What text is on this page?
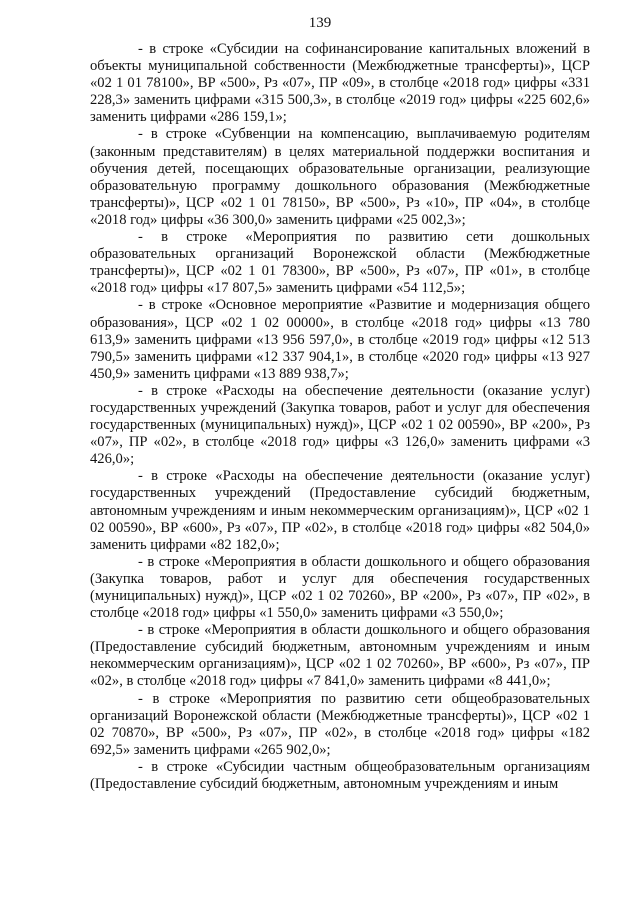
139

- в строке «Субсидии на софинансирование капитальных вложений в объекты муниципальной собственности (Межбюджетные трансферты)», ЦСР «02 1 01 78100», ВР «500», Рз «07», ПР «09», в столбце «2018 год» цифры «331 228,3» заменить цифрами «315 500,3», в столбце «2019 год» цифры «225 602,6» заменить цифрами «286 159,1»;

- в строке «Субвенции на компенсацию, выплачиваемую родителям (законным представителям) в целях материальной поддержки воспитания и обучения детей, посещающих образовательные организации, реализующие образовательную программу дошкольного образования (Межбюджетные трансферты)», ЦСР «02 1 01 78150», ВР «500», Рз «10», ПР «04», в столбце «2018 год» цифры «36 300,0» заменить цифрами «25 002,3»;

- в строке «Мероприятия по развитию сети дошкольных образовательных организаций Воронежской области (Межбюджетные трансферты)», ЦСР «02 1 01 78300», ВР «500», Рз «07», ПР «01», в столбце «2018 год» цифры «17 807,5» заменить цифрами «54 112,5»;

- в строке «Основное мероприятие «Развитие и модернизация общего образования», ЦСР «02 1 02 00000», в столбце «2018 год» цифры «13 780 613,9» заменить цифрами «13 956 597,0», в столбце «2019 год» цифры «12 513 790,5» заменить цифрами «12 337 904,1», в столбце «2020 год» цифры «13 927 450,9» заменить цифрами «13 889 938,7»;

- в строке «Расходы на обеспечение деятельности (оказание услуг) государственных учреждений (Закупка товаров, работ и услуг для обеспечения государственных (муниципальных) нужд)», ЦСР «02 1 02 00590», ВР «200», Рз «07», ПР «02», в столбце «2018 год» цифры «3 126,0» заменить цифрами «3 426,0»;

- в строке «Расходы на обеспечение деятельности (оказание услуг) государственных учреждений (Предоставление субсидий бюджетным, автономным учреждениям и иным некоммерческим организациям)», ЦСР «02 1 02 00590», ВР «600», Рз «07», ПР «02», в столбце «2018 год» цифры «82 504,0» заменить цифрами «82 182,0»;

- в строке «Мероприятия в области дошкольного и общего образования (Закупка товаров, работ и услуг для обеспечения государственных (муниципальных) нужд)», ЦСР «02 1 02 70260», ВР «200», Рз «07», ПР «02», в столбце «2018 год» цифры «1 550,0» заменить цифрами «3 550,0»;

- в строке «Мероприятия в области дошкольного и общего образования (Предоставление субсидий бюджетным, автономным учреждениям и иным некоммерческим организациям)», ЦСР «02 1 02 70260», ВР «600», Рз «07», ПР «02», в столбце «2018 год» цифры «7 841,0» заменить цифрами «8 441,0»;

- в строке «Мероприятия по развитию сети общеобразовательных организаций Воронежской области (Межбюджетные трансферты)», ЦСР «02 1 02 70870», ВР «500», Рз «07», ПР «02», в столбце «2018 год» цифры «182 692,5» заменить цифрами «265 902,0»;

- в строке «Субсидии частным общеобразовательным организациям (Предоставление субсидий бюджетным, автономным учреждениям и иным
